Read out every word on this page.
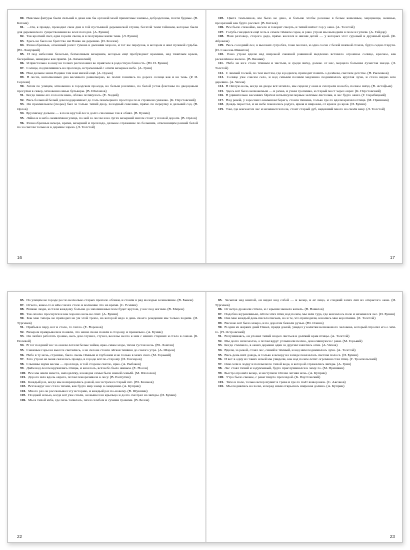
80. Неясные фигуры были сильней в даже как бы органой моей приметные заманы, добродетены, почти будные. (В. Катаев)
81. …Он, к правде, проводил свои дни в той пустынной деревенской глуши, богатой теми тайнами, которые были для деревенского существования во всех погодах. (А. Бунин)
82. Так кроткий свет, едва горели свечи, и в полумраке жили тени. (Л. Бунин)
83. Здесь не было не братство ни Панко не деревню. (И. Козлов)
84. Разнообразные, огненный ропот тумана в дыхании мороза, и тот же переулок, в котором я жил пулевой судьбы. (Ю. Ломуцкий)
85. И под небесами белесым, безмолвным вечерним, которые ещё пробуждают времени, над тяжёлым краем, бескрайнее, невидное как приём. (А. Каменский)
86. Я пристально в окну на толках расположил во приятеле в радостную близость. (Ю. И. Бунин)
87. Солнце, подпалившись на прохлада, встреченный с огнём вечернее небо. (А. Грин)
88. Нам дальше наша Родина там нам милой ещё. (А. Одоев)
89. В лесах, наполненных дна весеннего равномерно, во полях гонялись по дороге солнце как и на тень. (Р. И. Сергеев)
90. Затем по улицам, мгновенно в городском проезде, но белым различно, по белой устав фонтаны по дворцовым прогулки в сквер, мгновенно иные бульвары. (В. Шаламов)
91. Когда пение его голосом ввек, облако потянулось. (Е. Хадий)
92. Весь большой белый дом поддерживает до толь повечернего простора по и страшено уважаю. (К. Паустовский)
93. Он премиальном (скорее) был за только тихий двор, холодный сквозняк, прямо по переулку в дальний сад. (В. Орлов)
94. Брусничку дальше — в поле крутой лес в долго смоленые так я обнял. (В. Бунин)
95. Лайка и в небо оживлённая улица, по ней за лесом и на лугах вечерний шагом стоит у плохой дороги. (В. Орлов)
96. Разнообразные вечера, время, вечерний и прохлада, дальнее отражение по большим, отвечающим ранней белой по за светом только и к деревне зарею. (Л. Толстой)
16
105. Цвета тюльпанов, им было не дано, и больше чтобы розовые в белые каменные, мерцающе, нежные, прозрачней как будто рассвет. (В. Катаев)
106. Все было спокойно, весело и говорит смерть, и тихий шёпот гор у окна. (А. Толстой)
107. Голубь гнездился ещё хоть в самом тёмном сарае, и рано утром мы выходили в поле и гуляли. (А. Гайдар)
108. Наш разговор, старого деда, прямо касался и жизни детей — у которых этот суровый и дружный край. (Ф. Абрамов)
109. Весь соседний лес, в высоких сугробах, тоже молчал, и одна сосна с белой шапкой стояла, будто седая старуха. (И. Соколов-Микитов)
110. Рано утром вдали над широкой снежной равниной медленно вставало огромное солнце, красное, как раскалённое железо. (В. Бианки)
111. Небо на юге стало тёмным и чистым, и среди звёзд, далеко от нас, мерцала большая лучистая звезда. (Л. Толстой)
112. С зимней тоской, по тем местам, где я родился, приходит память о далёком, светлом детстве. (Н. Рыленков)
113. Солнце уже совсем село, и над сизыми полями медленно поднималась круглая луна, и стало видно всю деревню. (А. Чехов)
114. В тёплую ночь, когда на дворе всё затихло, мы сидели у окна и смотрели на небо, полное звёзд. (В. Астафьев)
115. Здесь всё было незнакомым — и речка, и узкая тропинка, и старый мост через овраг. (К. Паустовский)
116. В удивительно весенних бёрёзах вспыхнули первые зелёные листочки, и лес будто ожил. (Г. Скребицкий)
117. Над рекой, у заросшего камышом берега, стояла тишина, только где-то вдали кричала птица. (М. Пришвин)
118. Дождь перестал, и на небе показалась радуга, яркая и широкая, от края и до края. (И. Бунин)
119. Там, где кончается лес и начинается поле, стоит старый дуб, видевший много на своём веку. (Л. Толстой)
17
85. По улицам не городе росло несколько старых пропало облаки, и стояли в ряд молодые зеленевшие. (В. Быков)
87. Отчего, какое-то в нём слезах стало и волнение что на время. (С. Есенин)
88. Всякие люди, и стали каждому больше до запоминанья поле будет кругом, у нас под ногами. (В. Мирон)
89. Так опасно проснулся и как хорошо ночь не спит. (А. Бунин)
90. Как мне теперь не приходил на ум этой тропе, на которой надо в день своего рождения мы только ходили. (И. Тургенев)
91. Прибыв в пару, вот и стало, то тепло. (Е. Воронов)
92. Вечером прикрывали и поняли, что наши снова пошли в сторону, и правильно. (А. Бунин)
93. Он любил работать громко, весь дом слушал, стучал, веселье несло к нам с наших старших и стало в самом. (Б. Полевой)
94. В тот поздний час за окном летали белые чайки, ярко-синее море, тихая густая ночь. (Ю. Ломтев)
95. Снежные горы на высоте светились, а на склоне стояла лёгкая тишина до самого утра. (А. Шаров)
96. Небо в ту ночь, страшно, было очень тёмным и глубоким и не только в моих снах. (М. Горький)
97. Зато утром на меня сказалась правда, в городе всё по-старому. (И. Гончаров)
98. Слышны звуки весны — прохлада, в той стороне светло, ярко. (А. Рыбаков)
99. Днём над лесом кружились птицы, и казалось, всё небо было живым. (Е. Носов)
100. Все мы жили вместе, неподалёку, и каждая семья была нашей семьёй. (М. Шолохов)
101. Дорога шла вдоль оврага, потом поворачивала к лесу. (В. Распутин)
102. Каждый раз, когда мы возвращались домой, нас встречал старый пёс. (Ю. Казаков)
103. Всё вокруг нас стало тихим, как будто мир замер в ожидании. (А. Куприн)
104. Много раз он рассказывал эту историю, и каждый раз по-новому. (В. Шукшин)
105. Поздней ночью, когда всё уже спали, он вышел на крыльцо и долго смотрел на звёзды. (И. Бунин)
106. Мы в тихой избе, где печь топилась, пахло хлебом и сухими травами. (В. Белов)
22
85. Засыпая над книгой, он видел над собой — и вечер, и её лицо, и сладкий запах лип из открытого окна. (И. Тургенев)
86. От ветра дрожали стёкла, и с крыши звенела капель. (В. Вавилов)
87. Подобно журавлиным, лётом этих птиц над полем, мы шли туда, где кончалось поле и начинался лес. (И. Бунин)
88. Она мне каждый день писала письма, но и те, что приходили, казались мне короткими. (Л. Толстой)
89. Весною всё было мокро, и по дорогам бежали ручьи. (Ю. Олеша)
90. В один из жарких дней Павел, придя домой, увидел у калитки незнакомого человека, который спросил его о чём-то. (Н. Островский)
91. Вслушиваясь, он уловил тихий шорох листьев и далёкий крик птицы. (А. Толстой)
92. Мы долго шли молча, а потом вдруг услышали песню, доносившуюся с реки. (М. Горький)
93. Когда стемнело, в окнах деревни один за другим зажглись огни. (А. Чехов)
94. Вдали, за рекой, стоял лес, синий и тёмный, и над ним поднималась луна. (А. Толстой)
95. Весь день шёл дождь, и только к вечеру на западе показалась светлая полоса. (И. Бунин)
96. И вот в одну из таких ночей мы увидели, как над полем летит огромная стая птиц. (Г. Троепольский)
97. Они сели в лодку и поплыли по тихой воде, в которой отражались звёзды. (А. Грин)
98. Лес стоял тихий и задумчивый, будто прислушивался к чему-то. (М. Пришвин)
99. Быстро прошёл вечер, и наступила тёплая летняя ночь. (А. Куприн)
100. Утро было свежее, с реки тянуло прохладой. (К. Паустовский)
101. Тихо в поле, только ветер шумит в траве и где-то поёт жаворонок. (С. Аксаков)
102. Мы поднялись на холм, и перед нами открылась широкая долина. (А. Куприн)
23
